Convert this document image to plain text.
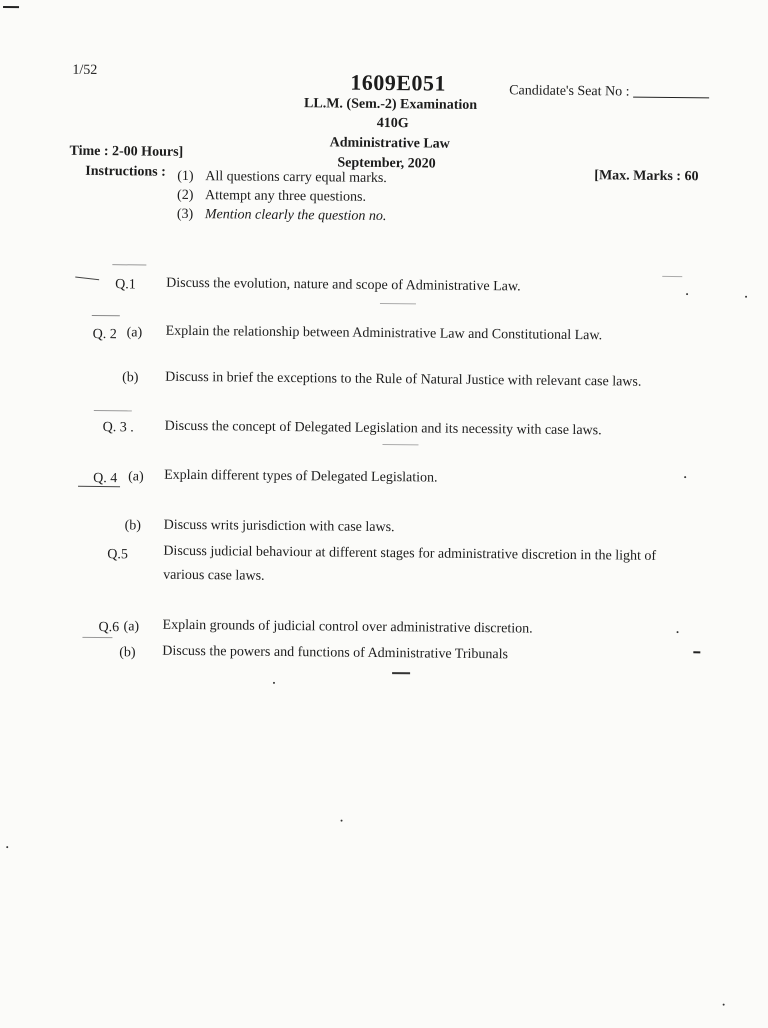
1/52	1609E051	Candidate's Seat No :
LL.M. (Sem.-2) Examination
410G
Administrative Law
Time : 2-00 Hours]
September, 2020
[Max. Marks : 60
Instructions : (1) All questions carry equal marks.
(2) Attempt any three questions.
(3) Mention clearly the question no.
Q.1 Discuss the evolution, nature and scope of Administrative Law.
Q. 2 (a) Explain the relationship between Administrative Law and Constitutional Law.
(b) Discuss in brief the exceptions to the Rule of Natural Justice with relevant case laws.
Q. 3 . Discuss the concept of Delegated Legislation and its necessity with case laws.
Q. 4 (a) Explain different types of Delegated Legislation.
(b) Discuss writs jurisdiction with case laws.
Q.5	Discuss judicial behaviour at different stages for administrative discretion in the light of various case laws.
Q.6 (a) Explain grounds of judicial control over administrative discretion.
(b) Discuss the powers and functions of Administrative Tribunals
